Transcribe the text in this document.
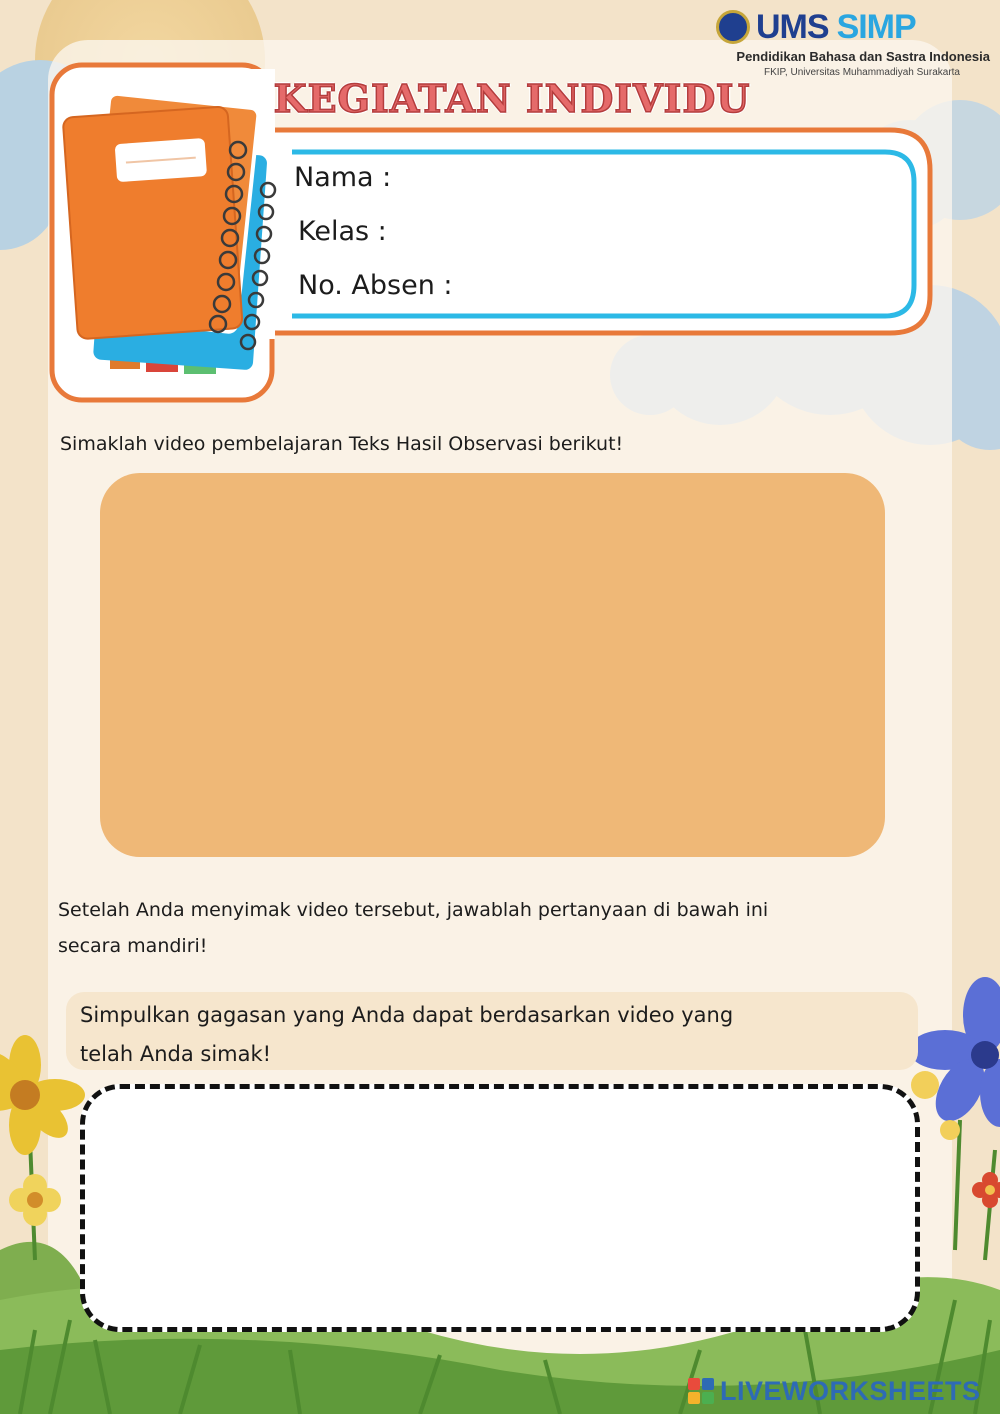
UMS SIMP
Pendidikan Bahasa dan Sastra Indonesia
FKIP, Universitas Muhammadiyah Surakarta
KEGIATAN INDIVIDU
Nama :
Kelas :
No. Absen :
Simaklah video pembelajaran Teks Hasil Observasi berikut!
Setelah Anda menyimak video tersebut, jawablah pertanyaan di bawah ini
secara mandiri!
Simpulkan gagasan yang Anda dapat berdasarkan video yang
telah Anda simak!
LIVEWORKSHEETS
